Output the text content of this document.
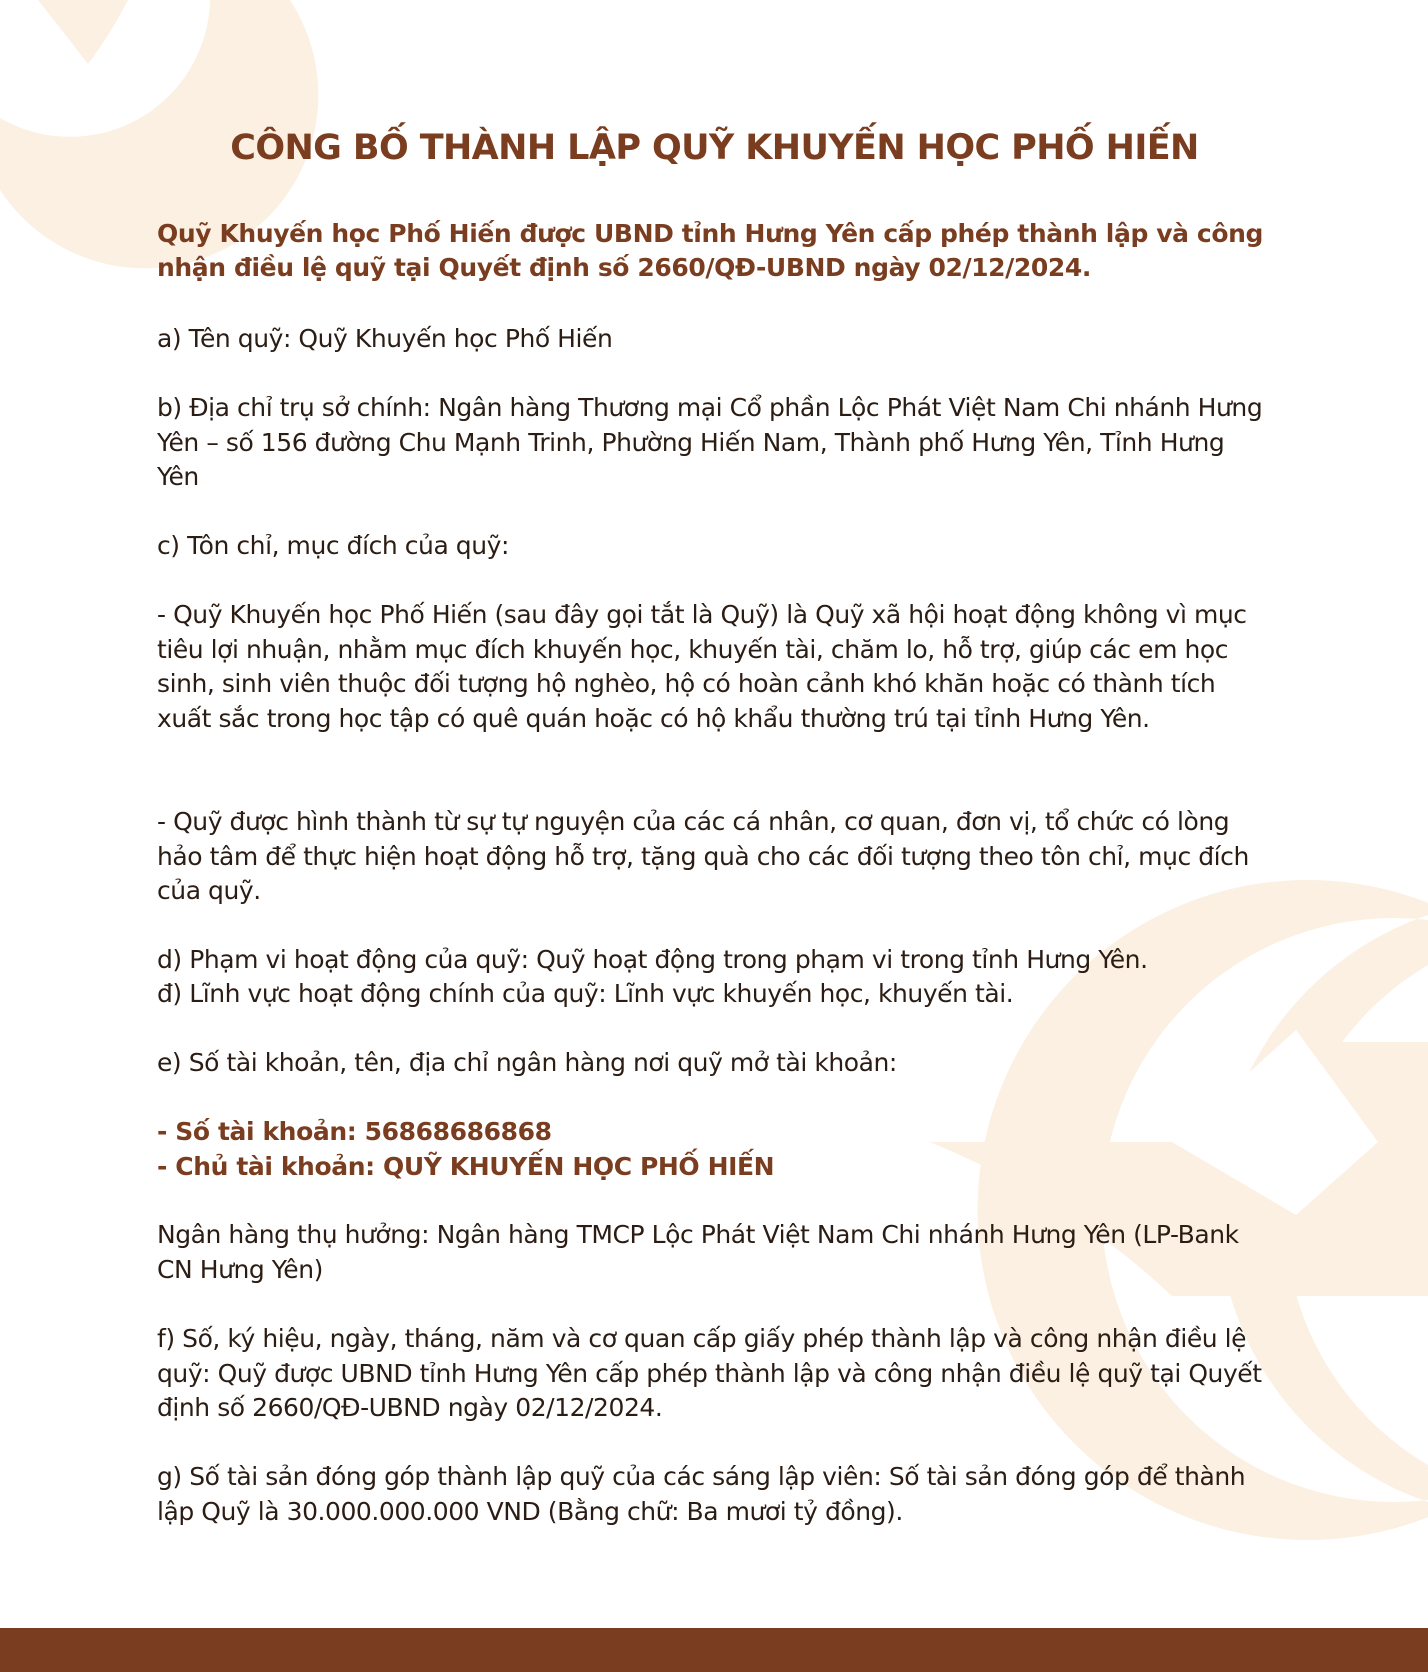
CÔNG BỐ THÀNH LẬP QUỸ KHUYẾN HỌC PHỐ HIẾN

Quỹ Khuyến học Phố Hiến được UBND tỉnh Hưng Yên cấp phép thành lập và công nhận điều lệ quỹ tại Quyết định số 2660/QĐ-UBND ngày 02/12/2024.

a) Tên quỹ: Quỹ Khuyến học Phố Hiến

b) Địa chỉ trụ sở chính: Ngân hàng Thương mại Cổ phần Lộc Phát Việt Nam Chi nhánh Hưng Yên – số 156 đường Chu Mạnh Trinh, Phường Hiến Nam, Thành phố Hưng Yên, Tỉnh Hưng Yên

c) Tôn chỉ, mục đích của quỹ:

- Quỹ Khuyến học Phố Hiến (sau đây gọi tắt là Quỹ) là Quỹ xã hội hoạt động không vì mục tiêu lợi nhuận, nhằm mục đích khuyến học, khuyến tài, chăm lo, hỗ trợ, giúp các em học sinh, sinh viên thuộc đối tượng hộ nghèo, hộ có hoàn cảnh khó khăn hoặc có thành tích xuất sắc trong học tập có quê quán hoặc có hộ khẩu thường trú tại tỉnh Hưng Yên.

- Quỹ được hình thành từ sự tự nguyện của các cá nhân, cơ quan, đơn vị, tổ chức có lòng hảo tâm để thực hiện hoạt động hỗ trợ, tặng quà cho các đối tượng theo tôn chỉ, mục đích của quỹ.

d) Phạm vi hoạt động của quỹ: Quỹ hoạt động trong phạm vi trong tỉnh Hưng Yên.

đ) Lĩnh vực hoạt động chính của quỹ: Lĩnh vực khuyến học, khuyến tài.

e) Số tài khoản, tên, địa chỉ ngân hàng nơi quỹ mở tài khoản:

- Số tài khoản: 56868686868

- Chủ tài khoản: QUỸ KHUYẾN HỌC PHỐ HIẾN

Ngân hàng thụ hưởng: Ngân hàng TMCP Lộc Phát Việt Nam Chi nhánh Hưng Yên (LP-Bank CN Hưng Yên)

f) Số, ký hiệu, ngày, tháng, năm và cơ quan cấp giấy phép thành lập và công nhận điều lệ quỹ: Quỹ được UBND tỉnh Hưng Yên cấp phép thành lập và công nhận điều lệ quỹ tại Quyết định số 2660/QĐ-UBND ngày 02/12/2024.

g) Số tài sản đóng góp thành lập quỹ của các sáng lập viên: Số tài sản đóng góp để thành lập Quỹ là 30.000.000.000 VND (Bằng chữ: Ba mươi tỷ đồng).
